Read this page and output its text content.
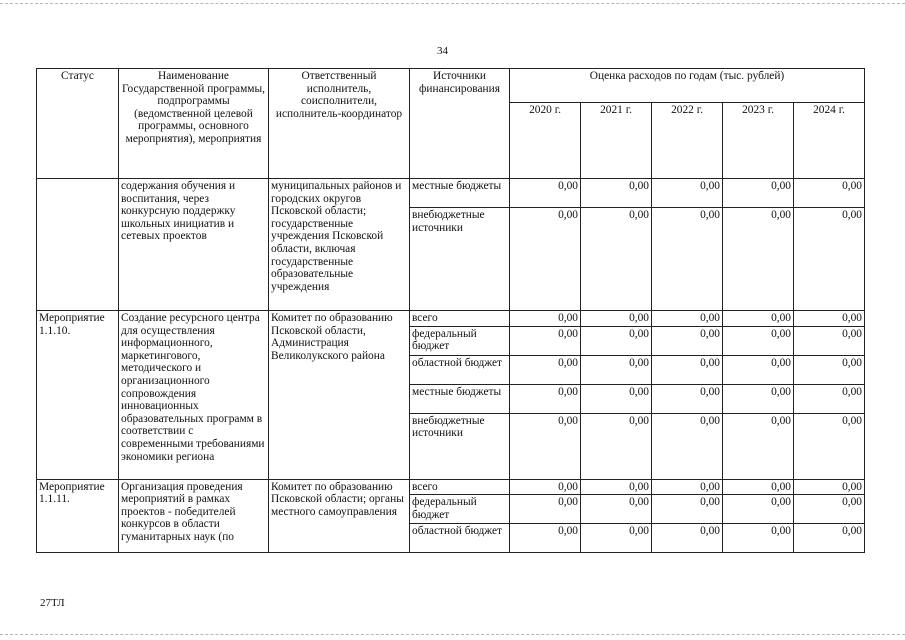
34
Статус	Наименование Государственной программы, подпрограммы (ведомственной целевой программы, основного мероприятия), мероприятия	Ответственный исполнитель, соисполнители, исполнитель-координатор	Источники финансирования	Оценка расходов по годам (тыс. рублей)				
				2020 г.	2021 г.	2022 г.	2023 г.	2024 г.
	содержания обучения и воспитания, через конкурсную поддержку школьных инициатив и сетевых проектов	муниципальных районов и городских округов Псковской области; государственные учреждения Псковской области, включая государственные образовательные учреждения	местные бюджеты	0,00	0,00	0,00	0,00	0,00
			внебюджетные источники	0,00	0,00	0,00	0,00	0,00
Мероприятие 1.1.10.	Создание ресурсного центра для осуществления информационного, маркетингового, методического и организационного сопровождения инновационных образовательных программ в соответствии с современными требованиями экономики региона	Комитет по образованию Псковской области, Администрация Великолукского района	всего	0,00	0,00	0,00	0,00	0,00
			федеральный бюджет	0,00	0,00	0,00	0,00	0,00
			областной бюджет	0,00	0,00	0,00	0,00	0,00
			местные бюджеты	0,00	0,00	0,00	0,00	0,00
			внебюджетные источники	0,00	0,00	0,00	0,00	0,00
Мероприятие 1.1.11.	Организация проведения мероприятий в рамках проектов - победителей конкурсов в области гуманитарных наук (по	Комитет по образованию Псковской области; органы местного самоуправления	всего	0,00	0,00	0,00	0,00	0,00
			федеральный бюджет	0,00	0,00	0,00	0,00	0,00
			областной бюджет	0,00	0,00	0,00	0,00	0,00
27ТЛ
